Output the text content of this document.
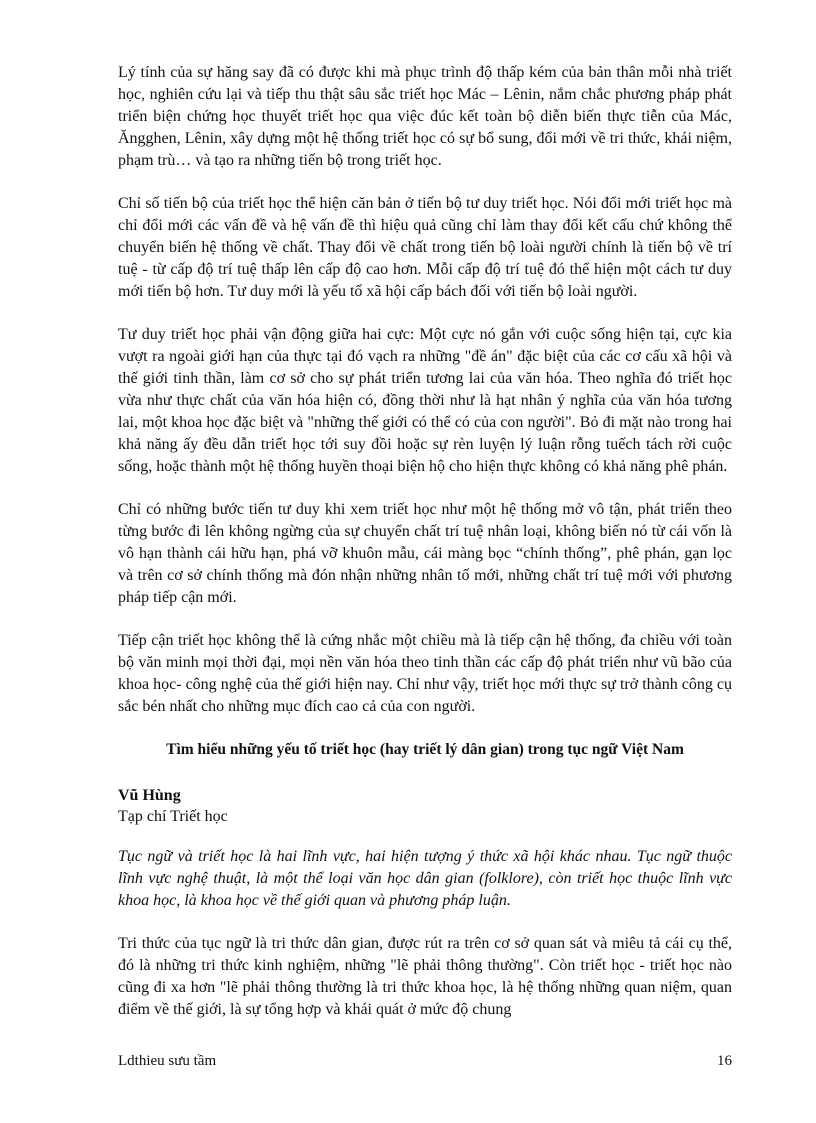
Lý tính của sự hăng say đã có được khi mà phục trình độ thấp kém của bản thân mỗi nhà triết học, nghiên cứu lại và tiếp thu thật sâu sắc triết học Mác – Lênin, nắm chắc phương pháp phát triển biện chứng học thuyết triết học qua việc đúc kết toàn bộ diễn biến thực tiễn của Mác, Ăngghen, Lênin, xây dựng một hệ thống triết học có sự bổ sung, đổi mới về tri thức, khái niệm, phạm trù… và tạo ra những tiến bộ trong triết học.

Chỉ số tiến bộ của triết học thể hiện căn bản ở tiến bộ tư duy triết học. Nói đổi mới triết học mà chỉ đổi mới các vấn đề và hệ vấn đề thì hiệu quả cũng chỉ làm thay đổi kết cấu chứ không thể chuyển biến hệ thống về chất. Thay đổi về chất trong tiến bộ loài người chính là tiến bộ về trí tuệ - từ cấp độ trí tuệ thấp lên cấp độ cao hơn. Mỗi cấp độ trí tuệ đó thể hiện một cách tư duy mới tiến bộ hơn. Tư duy mới là yếu tố xã hội cấp bách đối với tiến bộ loài người.

Tư duy triết học phải vận động giữa hai cực: Một cực nó gắn với cuộc sống hiện tại, cực kia vượt ra ngoài giới hạn của thực tại đó vạch ra những "đề án" đặc biệt của các cơ cấu xã hội và thế giới tinh thần, làm cơ sở cho sự phát triển tương lai của văn hóa. Theo nghĩa đó triết học vừa như thực chất của văn hóa hiện có, đồng thời như là hạt nhân ý nghĩa của văn hóa tương lai, một khoa học đặc biệt và "những thế giới có thể có của con người". Bỏ đi mặt nào trong hai khả năng ấy đều dẫn triết học tới suy đồi hoặc sự rèn luyện lý luận rỗng tuếch tách rời cuộc sống, hoặc thành một hệ thống huyền thoại biện hộ cho hiện thực không có khả năng phê phán.

Chỉ có những bước tiến tư duy khi xem triết học như một hệ thống mở vô tận, phát triển theo từng bước đi lên không ngừng của sự chuyển chất trí tuệ nhân loại, không biến nó từ cái vốn là vô hạn thành cái hữu hạn, phá vỡ khuôn mẫu, cái màng bọc “chính thống”, phê phán, gạn lọc và trên cơ sở chính thống mà đón nhận những nhân tố mới, những chất trí tuệ mới với phương pháp tiếp cận mới.

Tiếp cận triết học không thể là cứng nhắc một chiều mà là tiếp cận hệ thống, đa chiều với toàn bộ văn minh mọi thời đại, mọi nền văn hóa theo tinh thần các cấp độ phát triển như vũ bão của khoa học- công nghệ của thế giới hiện nay. Chỉ như vậy, triết học mới thực sự trở thành công cụ sắc bén nhất cho những mục đích cao cả của con người.

Tìm hiểu những yếu tố triết học (hay triết lý dân gian) trong tục ngữ Việt Nam

Vũ Hùng

Tạp chí Triết học

Tục ngữ và triết học là hai lĩnh vực, hai hiện tượng ý thức xã hội khác nhau. Tục ngữ thuộc lĩnh vực nghệ thuật, là một thể loại văn học dân gian (folklore), còn triết học thuộc lĩnh vực khoa học, là khoa học về thế giới quan và phương pháp luận.

Tri thức của tục ngữ là tri thức dân gian, được rút ra trên cơ sở quan sát và miêu tả cái cụ thể, đó là những tri thức kinh nghiệm, những "lẽ phải thông thường". Còn triết học - triết học nào cũng đi xa hơn "lẽ phải thông thường là tri thức khoa học, là hệ thống những quan niệm, quan điểm về thế giới, là sự tổng hợp và khái quát ở mức độ chung

Ldthieu sưu tầm	16
